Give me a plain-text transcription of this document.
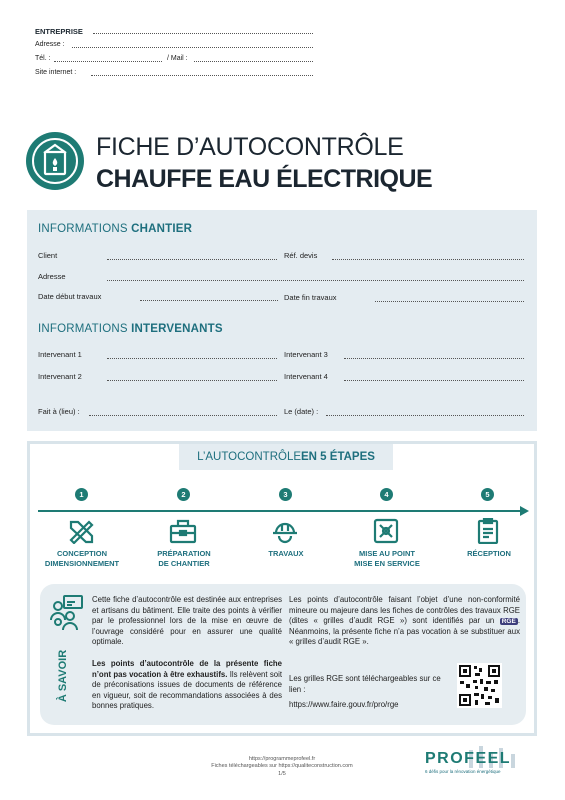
ENTREPRISE
Adresse :
Tél. :	/ Mail :
Site internet :
FICHE D’AUTOCONTRÔLE
CHAUFFE EAU ÉLECTRIQUE
INFORMATIONS CHANTIER
Client	Réf. devis
Adresse
Date début travaux	Date fin travaux
INFORMATIONS INTERVENANTS
Intervenant 1	Intervenant 3
Intervenant 2	Intervenant 4
Fait à (lieu) :	Le (date) :
L’AUTOCONTRÔLE EN 5 ÉTAPES
1
CONCEPTION
DIMENSIONNEMENT
2
PRÉPARATION
DE CHANTIER
3
TRAVAUX
4
MISE AU POINT
MISE EN SERVICE
5
RÉCEPTION
À SAVOIR
Cette fiche d’autocontrôle est destinée aux entreprises et artisans du bâtiment. Elle traite des points à vérifier par le professionnel lors de la mise en œuvre de l’ouvrage considéré pour en assurer une qualité optimale.
Les points d’autocontrôle de la présente fiche n’ont pas vocation à être exhaustifs. Ils relèvent soit de préconisations issues de documents de référence en vigueur, soit de recommandations associées à des bonnes pratiques.
Les points d’autocontrôle faisant l’objet d’une non-conformité mineure ou majeure dans les fiches de contrôles des travaux RGE (dites « grilles d’audit RGE ») sont identifiés par un RGE . Néanmoins, la présente fiche n’a pas vocation à se substituer aux « grilles d’audit RGE ».
Les grilles RGE sont téléchargeables sur ce lien :
https://www.faire.gouv.fr/pro/rge
https://programmeprofeel.fr
Fiches téléchargeables sur https://qualiteconstruction.com
1/5
PROFEEL
6 défis pour la rénovation énergétique
